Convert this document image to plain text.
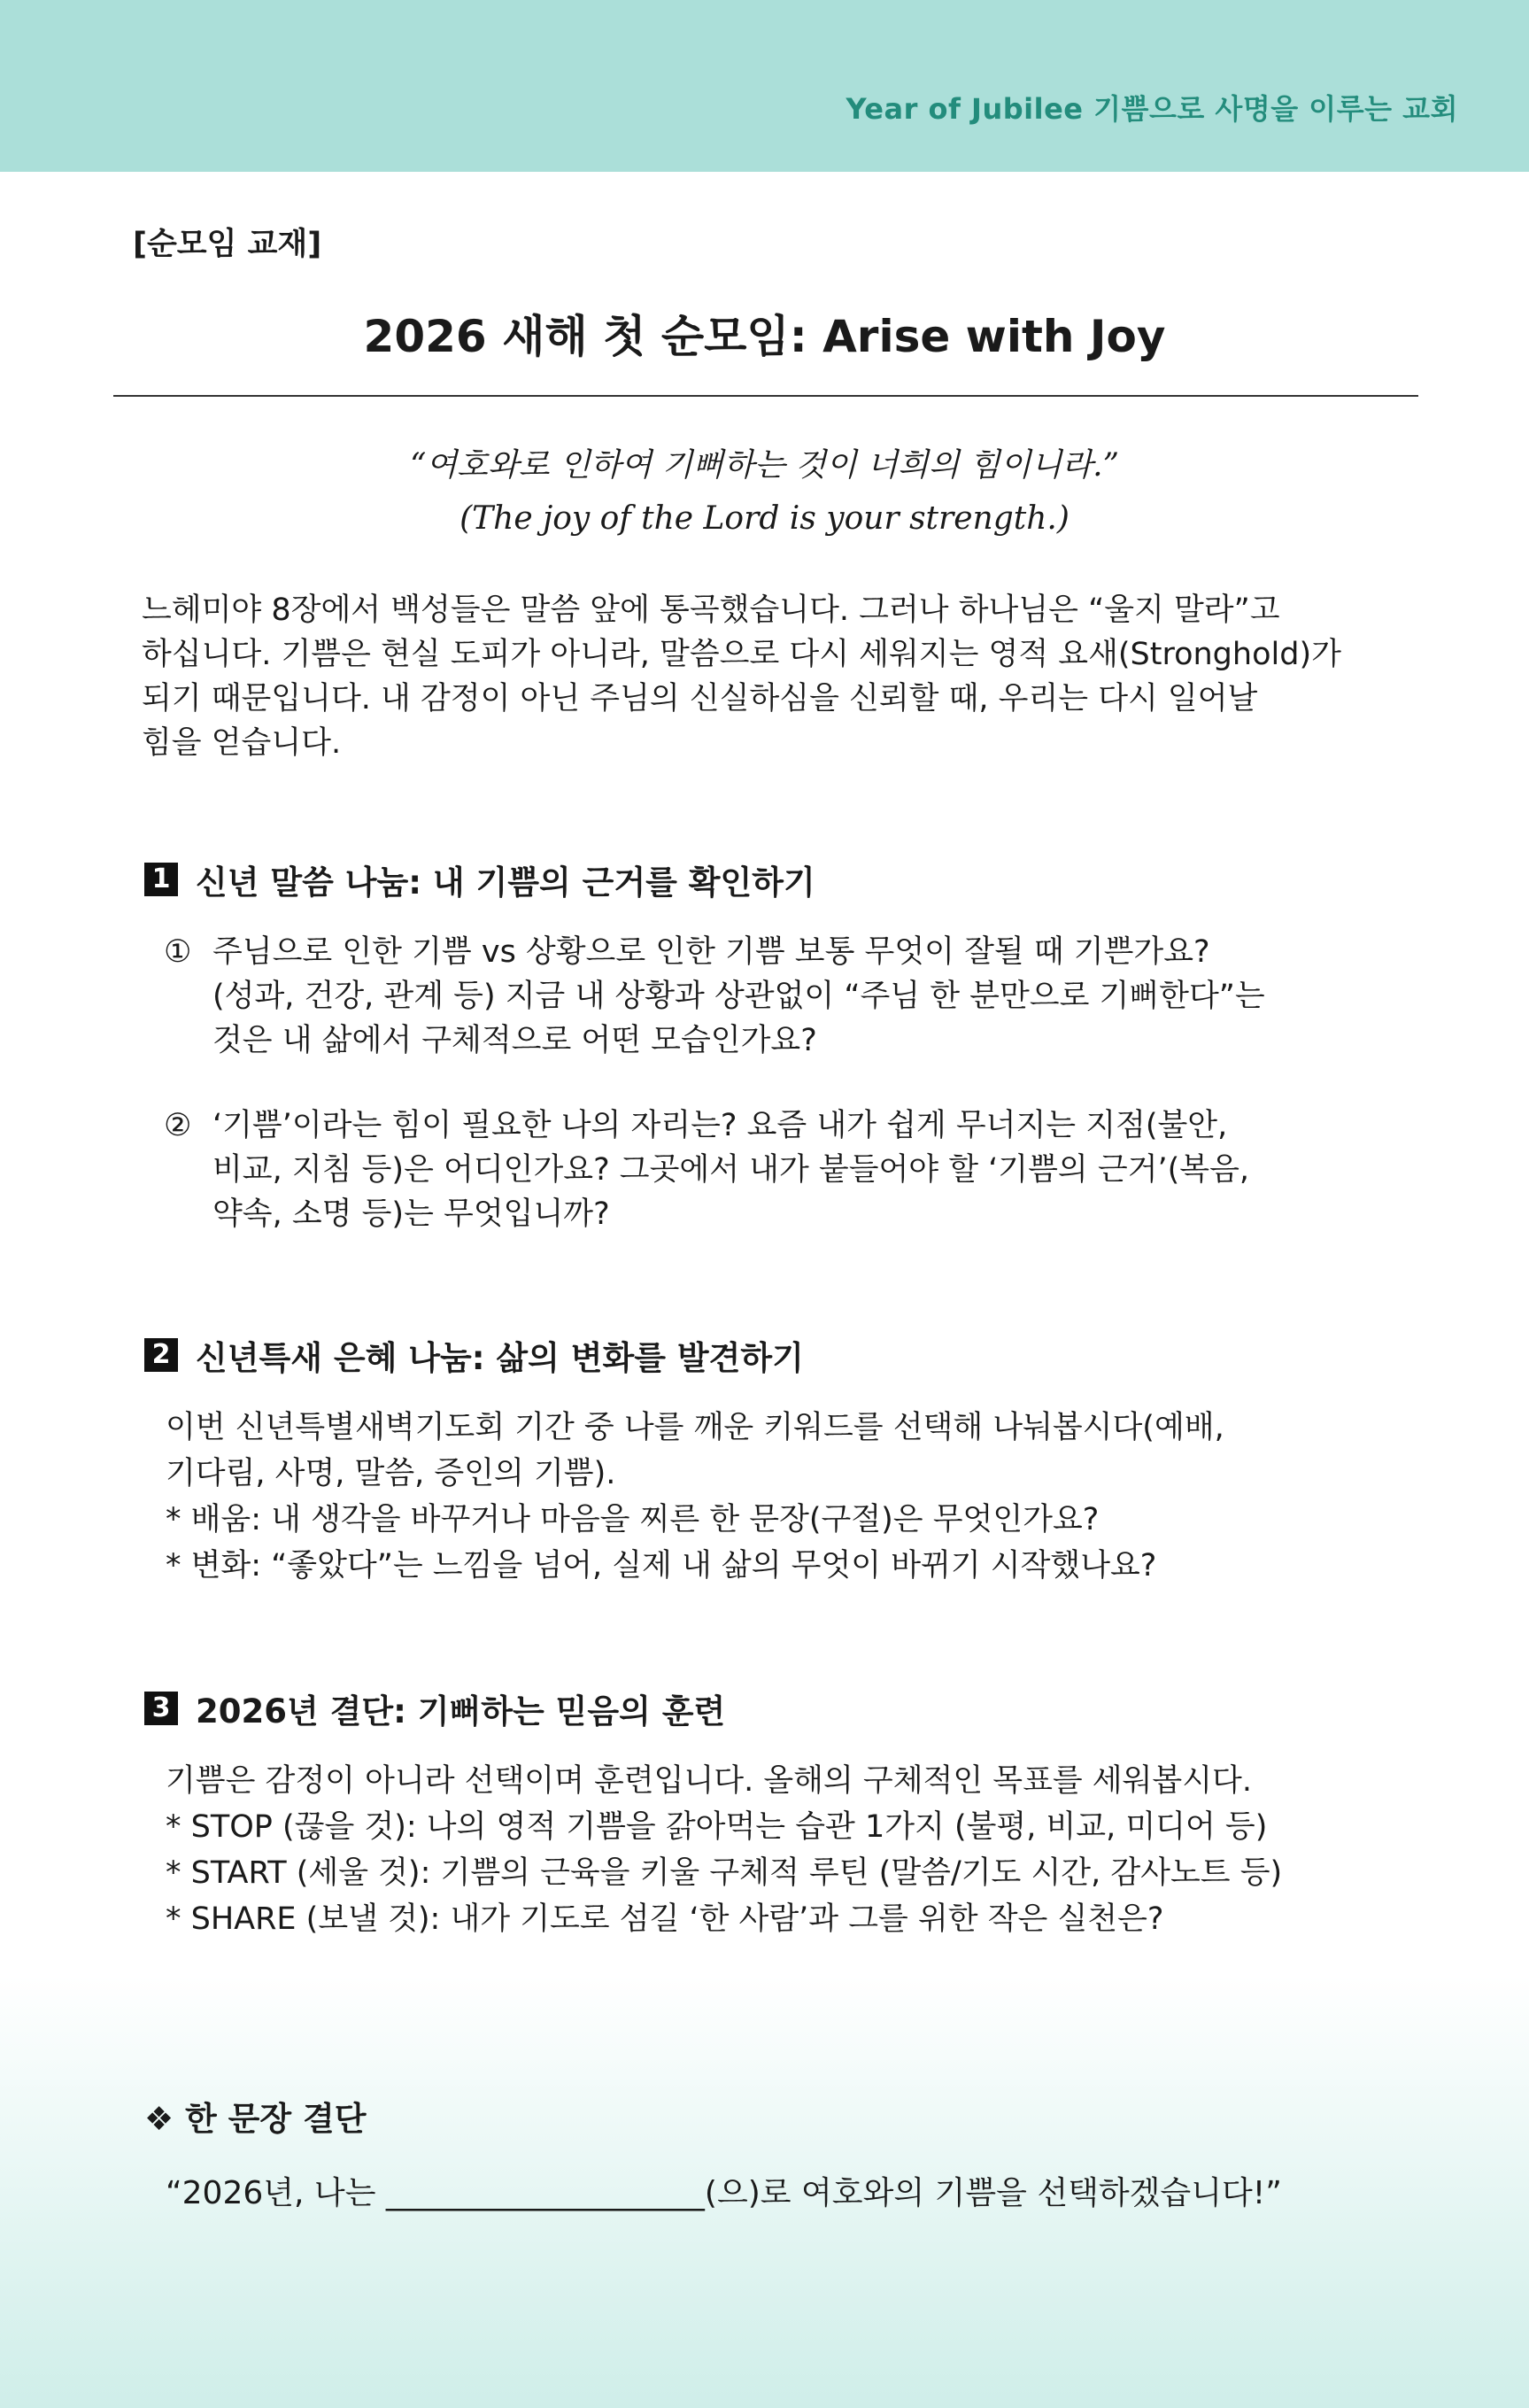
Year of Jubilee 기쁨으로 사명을 이루는 교회
[순모임 교재]
2026 새해 첫 순모임: Arise with Joy
“여호와로 인하여 기뻐하는 것이 너희의 힘이니라.”
(The joy of the Lord is your strength.)
느헤미야 8장에서 백성들은 말씀 앞에 통곡했습니다. 그러나 하나님은 “울지 말라”고
하십니다. 기쁨은 현실 도피가 아니라, 말씀으로 다시 세워지는 영적 요새(Stronghold)가
되기 때문입니다. 내 감정이 아닌 주님의 신실하심을 신뢰할 때, 우리는 다시 일어날
힘을 얻습니다.
1 신년 말씀 나눔: 내 기쁨의 근거를 확인하기
① 주님으로 인한 기쁨 vs 상황으로 인한 기쁨 보통 무엇이 잘될 때 기쁜가요?
(성과, 건강, 관계 등) 지금 내 상황과 상관없이 “주님 한 분만으로 기뻐한다”는
것은 내 삶에서 구체적으로 어떤 모습인가요?
② ‘기쁨’이라는 힘이 필요한 나의 자리는? 요즘 내가 쉽게 무너지는 지점(불안,
비교, 지침 등)은 어디인가요? 그곳에서 내가 붙들어야 할 ‘기쁨의 근거’(복음,
약속, 소명 등)는 무엇입니까?
2 신년특새 은혜 나눔: 삶의 변화를 발견하기
이번 신년특별새벽기도회 기간 중 나를 깨운 키워드를 선택해 나눠봅시다(예배,
기다림, 사명, 말씀, 증인의 기쁨).
* 배움: 내 생각을 바꾸거나 마음을 찌른 한 문장(구절)은 무엇인가요?
* 변화: “좋았다”는 느낌을 넘어, 실제 내 삶의 무엇이 바뀌기 시작했나요?
3 2026년 결단: 기뻐하는 믿음의 훈련
기쁨은 감정이 아니라 선택이며 훈련입니다. 올해의 구체적인 목표를 세워봅시다.
* STOP (끊을 것): 나의 영적 기쁨을 갉아먹는 습관 1가지 (불평, 비교, 미디어 등)
* START (세울 것): 기쁨의 근육을 키울 구체적 루틴 (말씀/기도 시간, 감사노트 등)
* SHARE (보낼 것): 내가 기도로 섬길 ‘한 사람’과 그를 위한 작은 실천은?
❖ 한 문장 결단
“2026년, 나는 ____________________(으)로 여호와의 기쁨을 선택하겠습니다!”
